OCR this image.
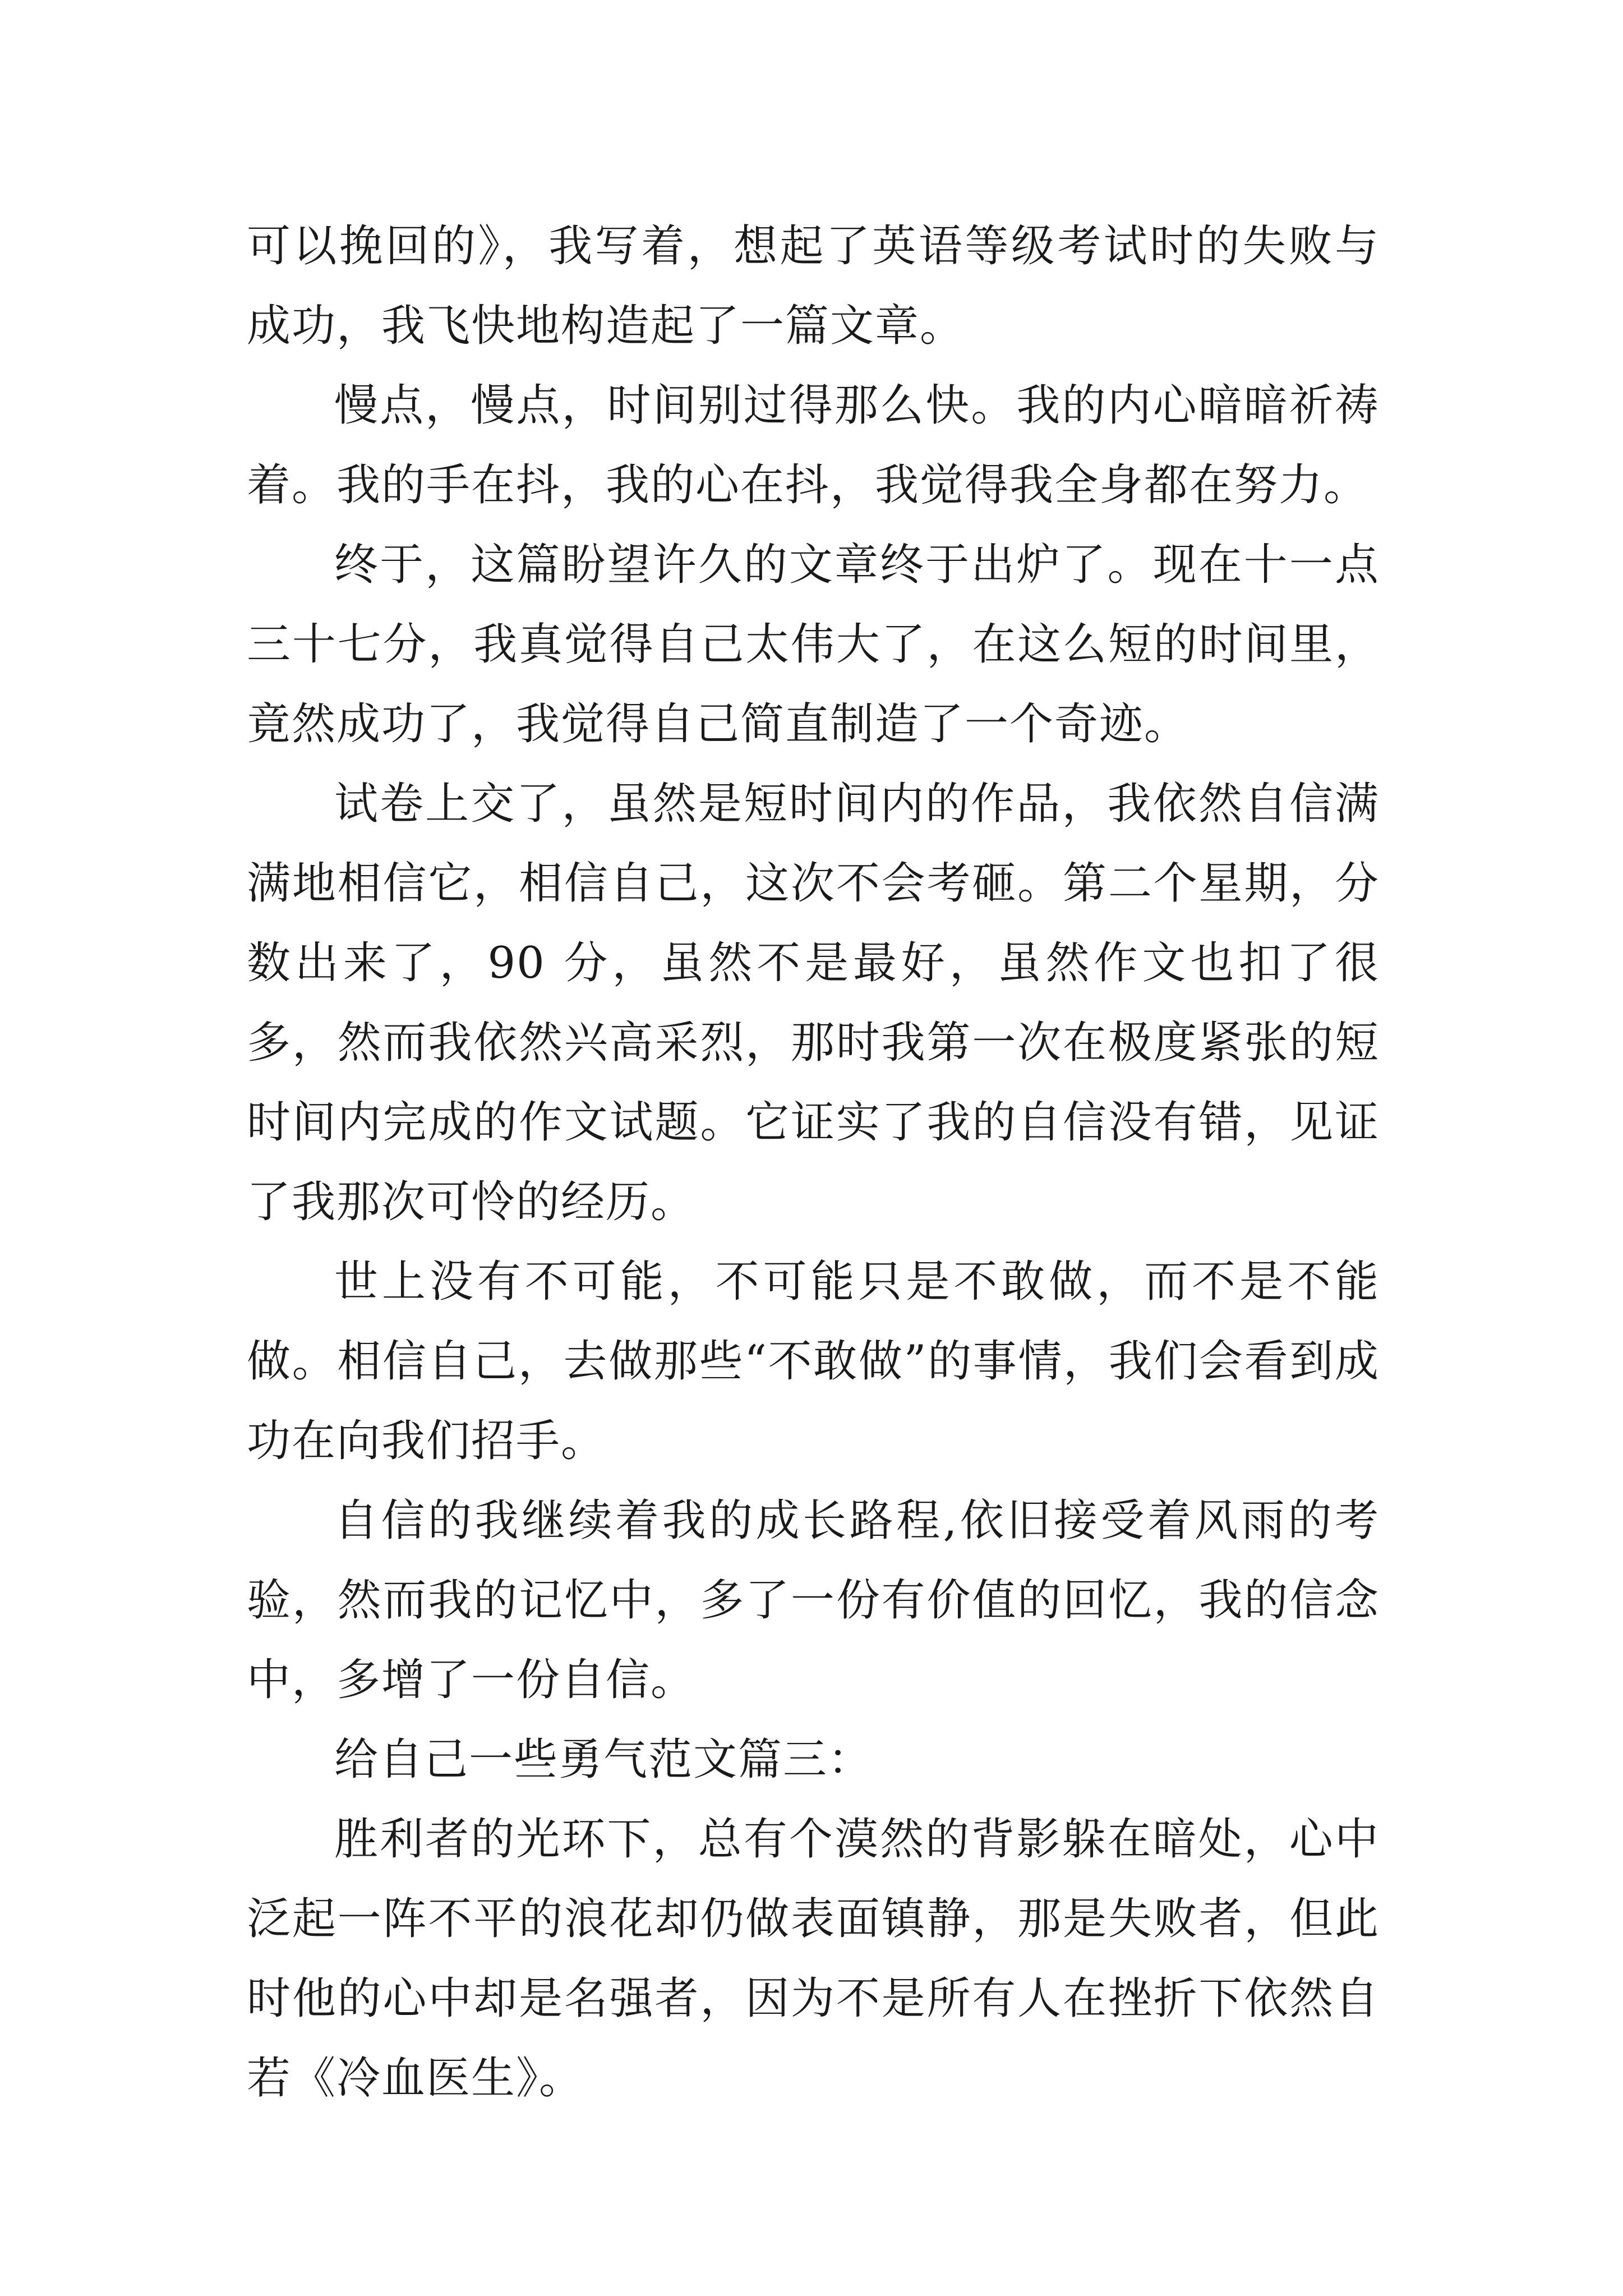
可以挽回的》，我写着，想起了英语等级考试时的失败与成功，我飞快地构造起了一篇文章。

慢点，慢点，时间别过得那么快。我的内心暗暗祈祷着。我的手在抖，我的心在抖，我觉得我全身都在努力。

终于，这篇盼望许久的文章终于出炉了。现在十一点三十七分，我真觉得自己太伟大了，在这么短的时间里，竟然成功了，我觉得自己简直制造了一个奇迹。

试卷上交了，虽然是短时间内的作品，我依然自信满满地相信它，相信自己，这次不会考砸。第二个星期，分数出来了，90 分，虽然不是最好，虽然作文也扣了很多，然而我依然兴高采烈，那时我第一次在极度紧张的短时间内完成的作文试题。它证实了我的自信没有错，见证了我那次可怜的经历。

世上没有不可能，不可能只是不敢做，而不是不能做。相信自己，去做那些“不敢做”的事情，我们会看到成功在向我们招手。

自信的我继续着我的成长路程,依旧接受着风雨的考验，然而我的记忆中，多了一份有价值的回忆，我的信念中，多增了一份自信。

给自己一些勇气范文篇三：

胜利者的光环下，总有个漠然的背影躲在暗处，心中泛起一阵不平的浪花却仍做表面镇静，那是失败者，但此时他的心中却是名强者，因为不是所有人在挫折下依然自若《冷血医生》。
